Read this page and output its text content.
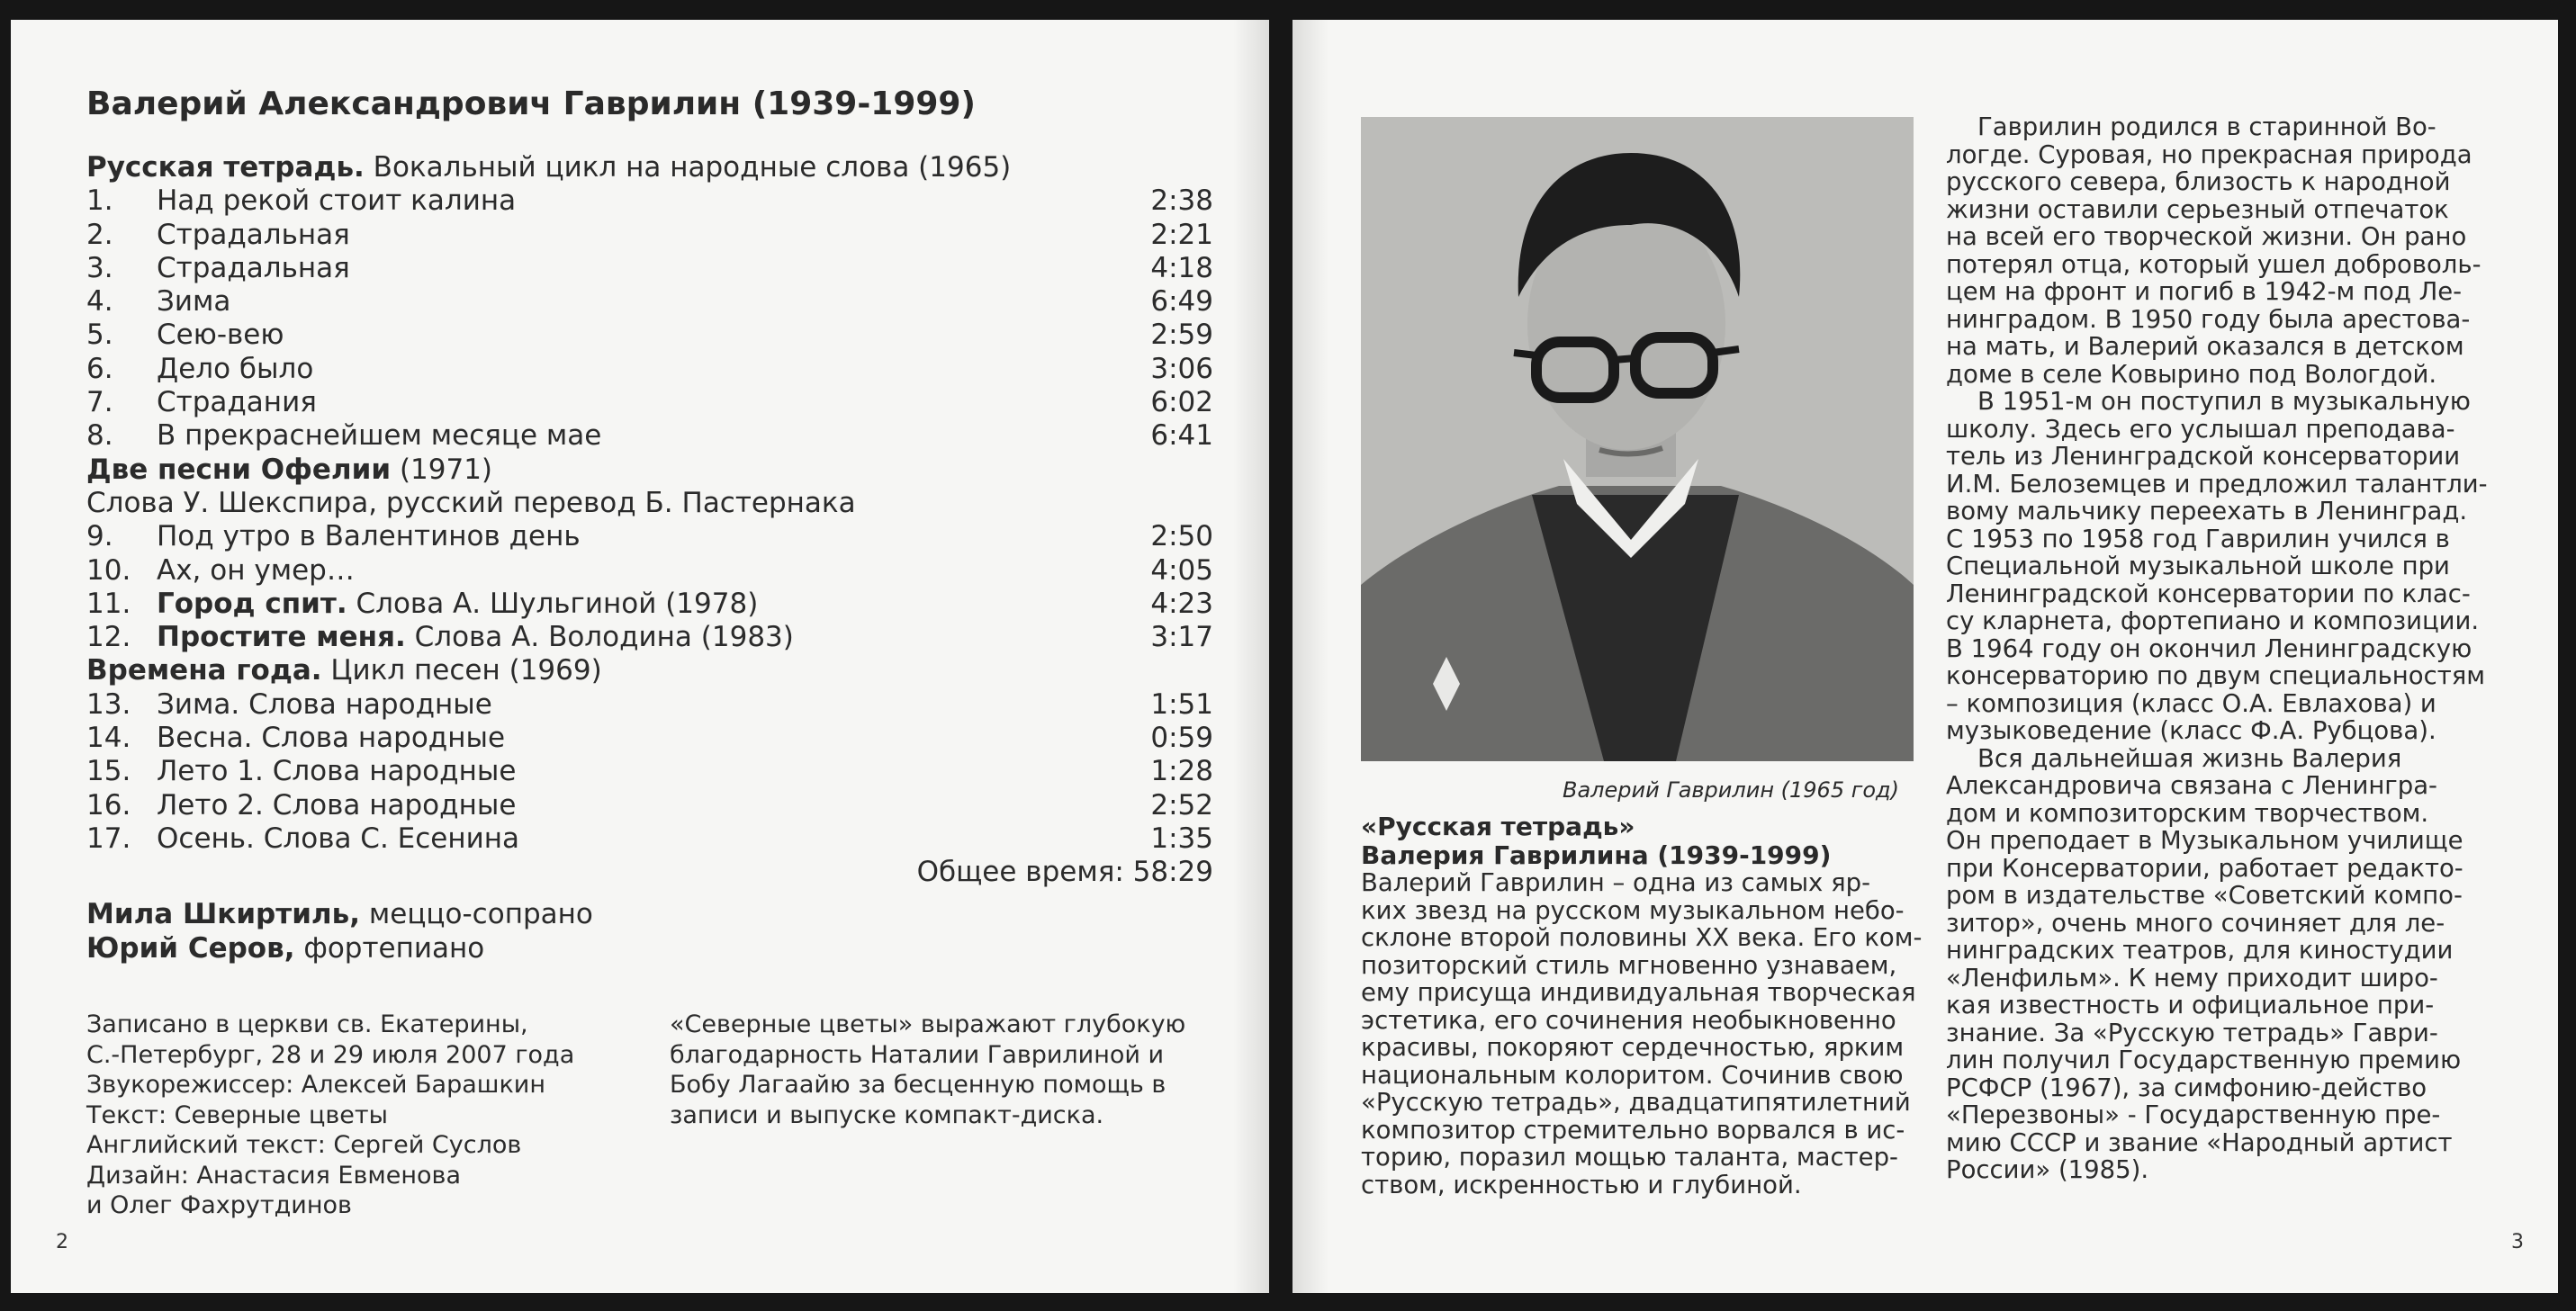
Валерий Александрович Гаврилин (1939-1999)
Русская тетрадь. Вокальный цикл на народные слова (1965)
1. Над рекой стоит калина	2:38
2. Страдальная	2:21
3. Страдальная	4:18
4. Зима	6:49
5. Сею-вею	2:59
6. Дело было	3:06
7. Страдания	6:02
8. В прекраснейшем месяце мае	6:41
Две песни Офелии (1971)
Слова У. Шекспира, русский перевод Б. Пастернака
9. Под утро в Валентинов день	2:50
10. Ах, он умер…	4:05
11. Город спит. Слова А. Шульгиной (1978)	4:23
12. Простите меня. Слова А. Володина (1983)	3:17
Времена года. Цикл песен (1969)
13. Зима. Слова народные	1:51
14. Весна. Слова народные	0:59
15. Лето 1. Слова народные	1:28
16. Лето 2. Слова народные	2:52
17. Осень. Слова С. Есенина	1:35
Общее время: 58:29
Мила Шкиртиль, меццо-сопрано
Юрий Серов, фортепиано
Записано в церкви св. Екатерины,
С.-Петербург, 28 и 29 июля 2007 года
Звукорежиссер: Алексей Барашкин
Текст: Северные цветы
Английский текст: Сергей Суслов
Дизайн: Анастасия Евменова
и Олег Фахрутдинов
«Северные цветы» выражают глубокую
благодарность Наталии Гаврилиной и
Бобу Лагаайю за бесценную помощь в
записи и выпуске компакт-диска.
2
Валерий Гаврилин (1965 год)
«Русская тетрадь»
Валерия Гаврилина (1939-1999)
Валерий Гаврилин – одна из самых яр-
ких звезд на русском музыкальном небо-
склоне второй половины XX века. Его ком-
позиторский стиль мгновенно узнаваем,
ему присуща индивидуальная творческая
эстетика, его сочинения необыкновенно
красивы, покоряют сердечностью, ярким
национальным колоритом. Сочинив свою
«Русскую тетрадь», двадцатипятилетний
композитор стремительно ворвался в ис-
торию, поразил мощью таланта, мастер-
ством, искренностью и глубиной.
Гаврилин родился в старинной Во-
логде. Суровая, но прекрасная природа
русского севера, близость к народной
жизни оставили серьезный отпечаток
на всей его творческой жизни. Он рано
потерял отца, который ушел доброволь-
цем на фронт и погиб в 1942-м под Ле-
нинградом. В 1950 году была арестова-
на мать, и Валерий оказался в детском
доме в селе Ковырино под Вологдой.
В 1951-м он поступил в музыкальную
школу. Здесь его услышал преподава-
тель из Ленинградской консерватории
И.М. Белоземцев и предложил талантли-
вому мальчику переехать в Ленинград.
С 1953 по 1958 год Гаврилин учился в
Специальной музыкальной школе при
Ленинградской консерватории по клас-
су кларнета, фортепиано и композиции.
В 1964 году он окончил Ленинградскую
консерваторию по двум специальностям
– композиция (класс О.А. Евлахова) и
музыковедение (класс Ф.А. Рубцова).
Вся дальнейшая жизнь Валерия
Александровича связана с Ленингра-
дом и композиторским творчеством.
Он преподает в Музыкальном училище
при Консерватории, работает редакто-
ром в издательстве «Советский компо-
зитор», очень много сочиняет для ле-
нинградских театров, для киностудии
«Ленфильм». К нему приходит широ-
кая известность и официальное при-
знание. За «Русскую тетрадь» Гаври-
лин получил Государственную премию
РСФСР (1967), за симфонию-действо
«Перезвоны» - Государственную пре-
мию СССР и звание «Народный артист
России» (1985).
3
